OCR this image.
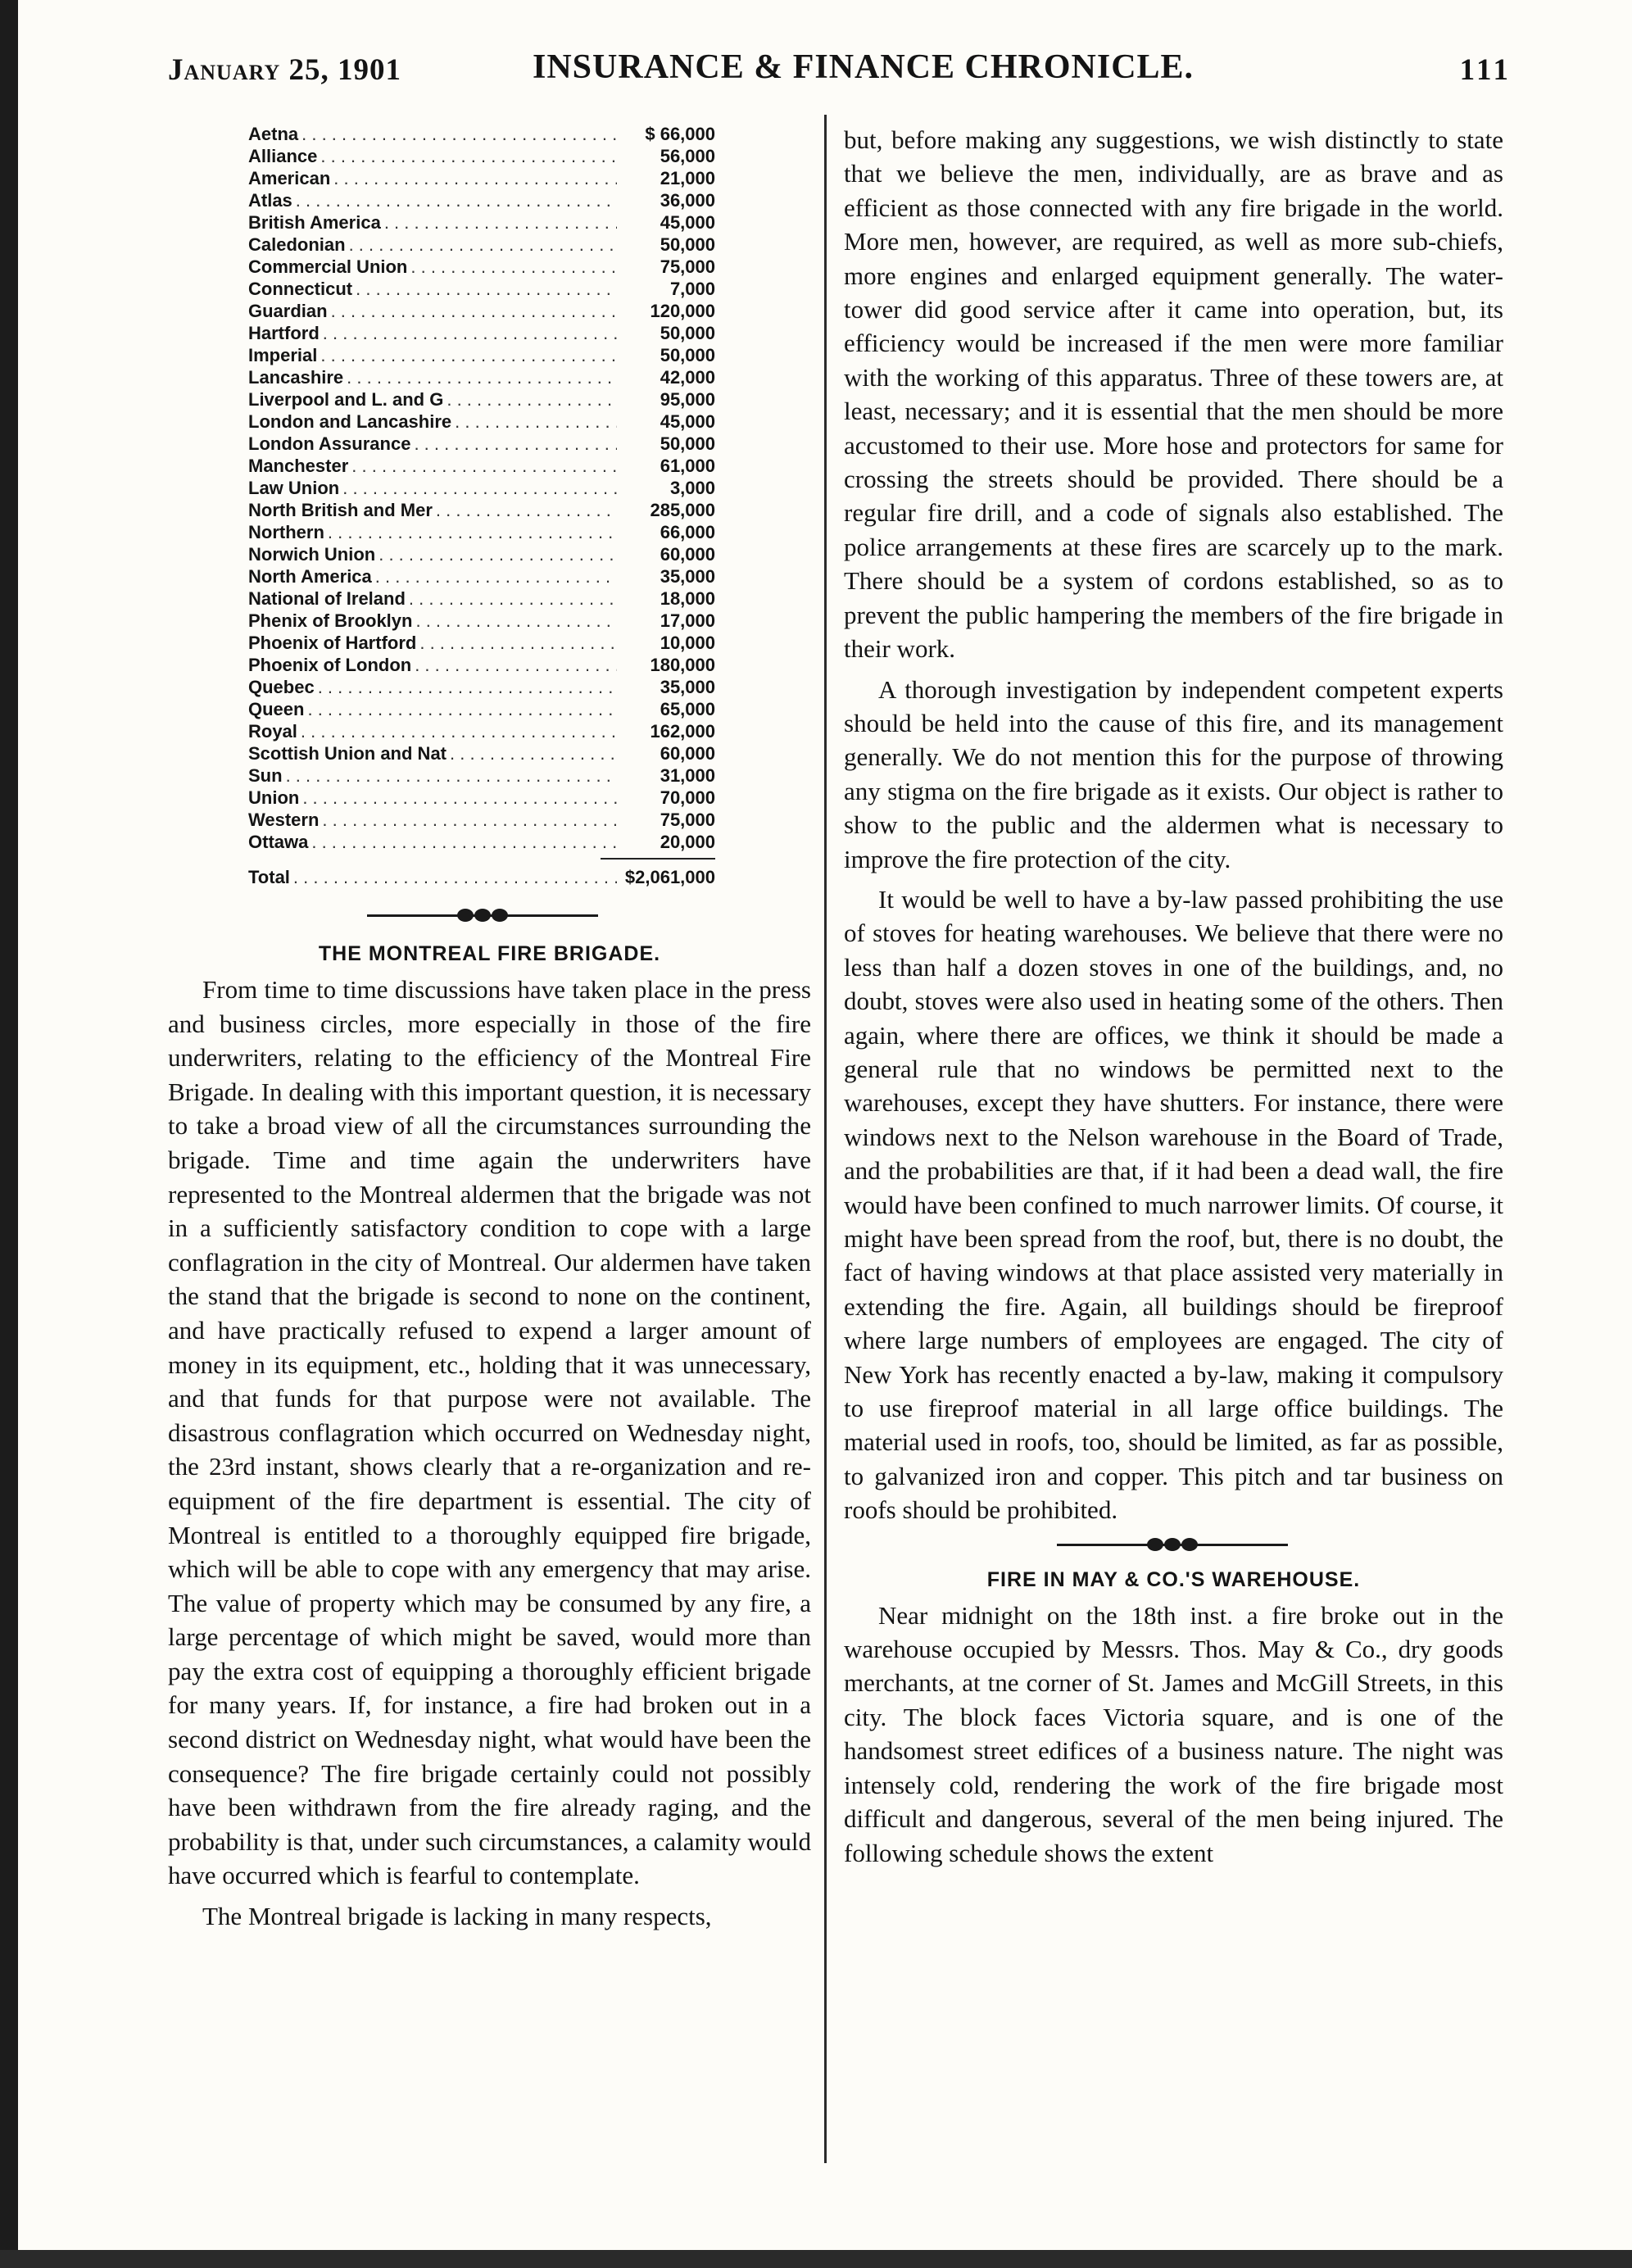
January 25, 1901	INSURANCE & FINANCE CHRONICLE.	111
Aetna . . .	$ 66,000
Alliance . . .	56,000
American . . .	21,000
Atlas . . .	36,000
British America . . .	45,000
Caledonian . . .	50,000
Commercial Union . . .	75,000
Connecticut . . .	7,000
Guardian . . .	120,000
Hartford . . .	50,000
Imperial . . .	50,000
Lancashire . . .	42,000
Liverpool and L. and G . . .	95,000
London and Lancashire . . .	45,000
London Assurance . . .	50,000
Manchester . . .	61,000
Law Union . . .	3,000
North British and Mer . . .	285,000
Northern . . .	66,000
Norwich Union . . .	60,000
North America . . .	35,000
National of Ireland . . .	18,000
Phenix of Brooklyn . . .	17,000
Phoenix of Hartford . . .	10,000
Phoenix of London . . .	180,000
Quebec . . .	35,000
Queen . . .	65,000
Royal . . .	162,000
Scottish Union and Nat . . .	60,000
Sun . . .	31,000
Union . . .	70,000
Western . . .	75,000
Ottawa . . .	20,000
Total . . .	$2,061,000
THE MONTREAL FIRE BRIGADE.

From time to time discussions have taken place in the press and business circles, more especially in those of the fire underwriters, relating to the efficiency of the Montreal Fire Brigade. In dealing with this important question, it is necessary to take a broad view of all the circumstances surrounding the brigade. Time and time again the underwriters have represented to the Montreal aldermen that the brigade was not in a sufficiently satisfactory condition to cope with a large conflagration in the city of Montreal. Our aldermen have taken the stand that the brigade is second to none on the continent, and have practically refused to expend a larger amount of money in its equipment, etc., holding that it was unnecessary, and that funds for that purpose were not available. The disastrous conflagration which occurred on Wednesday night, the 23rd instant, shows clearly that a re-organization and re-equipment of the fire department is essential. The city of Montreal is entitled to a thoroughly equipped fire brigade, which will be able to cope with any emergency that may arise. The value of property which may be consumed by any fire, a large percentage of which might be saved, would more than pay the extra cost of equipping a thoroughly efficient brigade for many years. If, for instance, a fire had broken out in a second district on Wednesday night, what would have been the consequence? The fire brigade certainly could not possibly have been withdrawn from the fire already raging, and the probability is that, under such circumstances, a calamity would have occurred which is fearful to contemplate.

The Montreal brigade is lacking in many respects,

but, before making any suggestions, we wish distinctly to state that we believe the men, individually, are as brave and as efficient as those connected with any fire brigade in the world. More men, however, are required, as well as more sub-chiefs, more engines and enlarged equipment generally. The water-tower did good service after it came into operation, but, its efficiency would be increased if the men were more familiar with the working of this apparatus. Three of these towers are, at least, necessary; and it is essential that the men should be more accustomed to their use. More hose and protectors for same for crossing the streets should be provided. There should be a regular fire drill, and a code of signals also established. The police arrangements at these fires are scarcely up to the mark. There should be a system of cordons established, so as to prevent the public hampering the members of the fire brigade in their work.

A thorough investigation by independent competent experts should be held into the cause of this fire, and its management generally. We do not mention this for the purpose of throwing any stigma on the fire brigade as it exists. Our object is rather to show to the public and the aldermen what is necessary to improve the fire protection of the city.

It would be well to have a by-law passed prohibiting the use of stoves for heating warehouses. We believe that there were no less than half a dozen stoves in one of the buildings, and, no doubt, stoves were also used in heating some of the others. Then again, where there are offices, we think it should be made a general rule that no windows be permitted next to the warehouses, except they have shutters. For instance, there were windows next to the Nelson warehouse in the Board of Trade, and the probabilities are that, if it had been a dead wall, the fire would have been confined to much narrower limits. Of course, it might have been spread from the roof, but, there is no doubt, the fact of having windows at that place assisted very materially in extending the fire. Again, all buildings should be fireproof where large numbers of employees are engaged. The city of New York has recently enacted a by-law, making it compulsory to use fireproof material in all large office buildings. The material used in roofs, too, should be limited, as far as possible, to galvanized iron and copper. This pitch and tar business on roofs should be prohibited.

FIRE IN MAY & CO.'S WAREHOUSE.

Near midnight on the 18th inst. a fire broke out in the warehouse occupied by Messrs. Thos. May & Co., dry goods merchants, at tne corner of St. James and McGill Streets, in this city. The block faces Victoria square, and is one of the handsomest street edifices of a business nature. The night was intensely cold, rendering the work of the fire brigade most difficult and dangerous, several of the men being injured. The following schedule shows the extent
